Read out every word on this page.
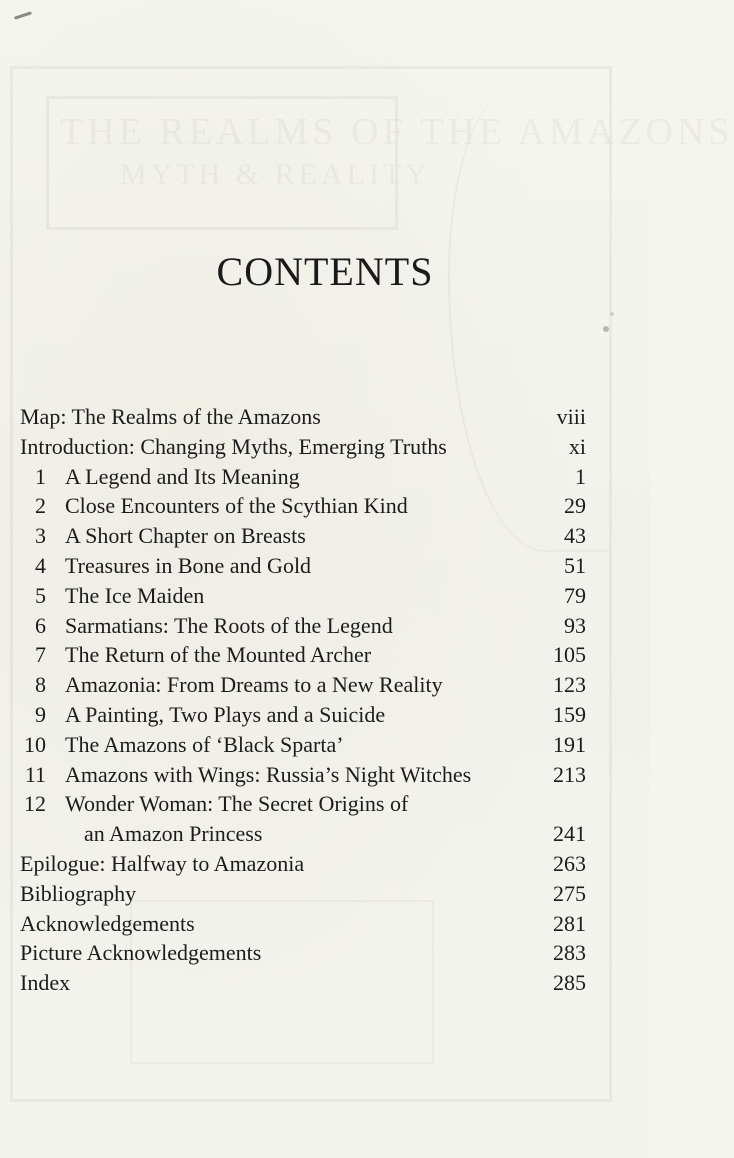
THE REALMS OF THE AMAZONS
MYTH & REALITY
CONTENTS
Map: The Realms of the Amazons	viii
Introduction: Changing Myths, Emerging Truths	xi
1 A Legend and Its Meaning	1
2 Close Encounters of the Scythian Kind	29
3 A Short Chapter on Breasts	43
4 Treasures in Bone and Gold	51
5 The Ice Maiden	79
6 Sarmatians: The Roots of the Legend	93
7 The Return of the Mounted Archer	105
8 Amazonia: From Dreams to a New Reality	123
9 A Painting, Two Plays and a Suicide	159
10 The Amazons of ‘Black Sparta’	191
11 Amazons with Wings: Russia’s Night Witches	213
12 Wonder Woman: The Secret Origins of
an Amazon Princess	241
Epilogue: Halfway to Amazonia	263
Bibliography	275
Acknowledgements	281
Picture Acknowledgements	283
Index	285
